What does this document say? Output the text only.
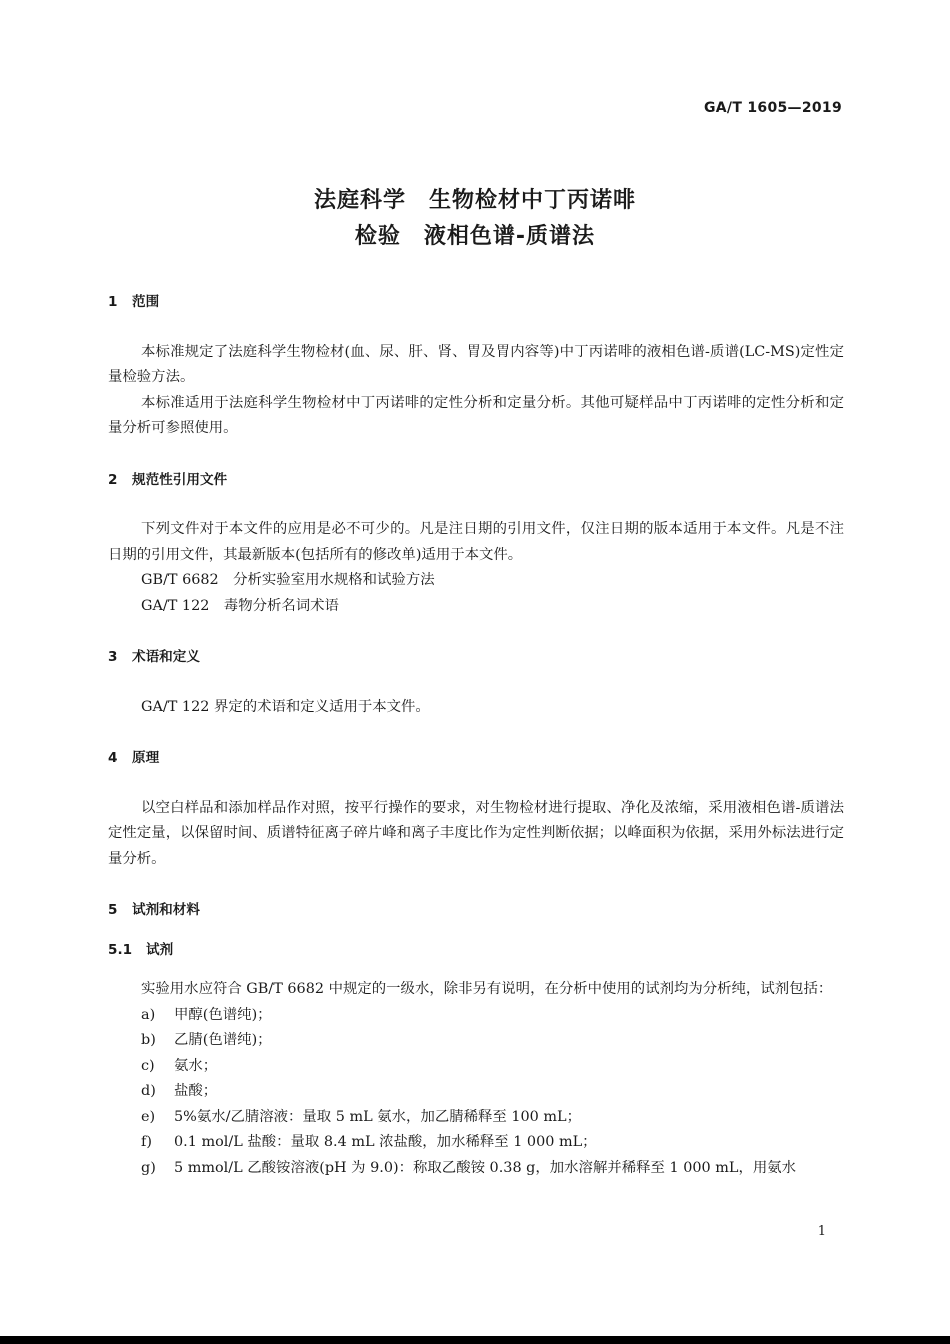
GA/T 1605—2019
法庭科学　生物检材中丁丙诺啡
检验　液相色谱-质谱法
1 范围
本标准规定了法庭科学生物检材(血、尿、肝、肾、胃及胃内容等)中丁丙诺啡的液相色谱-质谱(LC-MS)定性定量检验方法。
本标准适用于法庭科学生物检材中丁丙诺啡的定性分析和定量分析。其他可疑样品中丁丙诺啡的定性分析和定量分析可参照使用。
2 规范性引用文件
下列文件对于本文件的应用是必不可少的。凡是注日期的引用文件，仅注日期的版本适用于本文件。凡是不注日期的引用文件，其最新版本(包括所有的修改单)适用于本文件。
GB/T 6682　 分析实验室用水规格和试验方法
GA/T 122　 毒物分析名词术语
3 术语和定义
GA/T 122 界定的术语和定义适用于本文件。
4 原理
以空白样品和添加样品作对照，按平行操作的要求，对生物检材进行提取、净化及浓缩，采用液相色谱-质谱法定性定量，以保留时间、质谱特征离子碎片峰和离子丰度比作为定性判断依据；以峰面积为依据，采用外标法进行定量分析。
5 试剂和材料
5.1 试剂
实验用水应符合 GB/T 6682 中规定的一级水，除非另有说明，在分析中使用的试剂均为分析纯，试剂包括：
a) 甲醇(色谱纯)；
b) 乙腈(色谱纯)；
c) 氨水；
d) 盐酸；
e) 5%氨水/乙腈溶液：量取 5 mL 氨水，加乙腈稀释至 100 mL；
f) 0.1 mol/L 盐酸：量取 8.4 mL 浓盐酸，加水稀释至 1 000 mL；
g) 5 mmol/L 乙酸铵溶液(pH 为 9.0)：称取乙酸铵 0.38 g，加水溶解并稀释至 1 000 mL，用氨水
1
